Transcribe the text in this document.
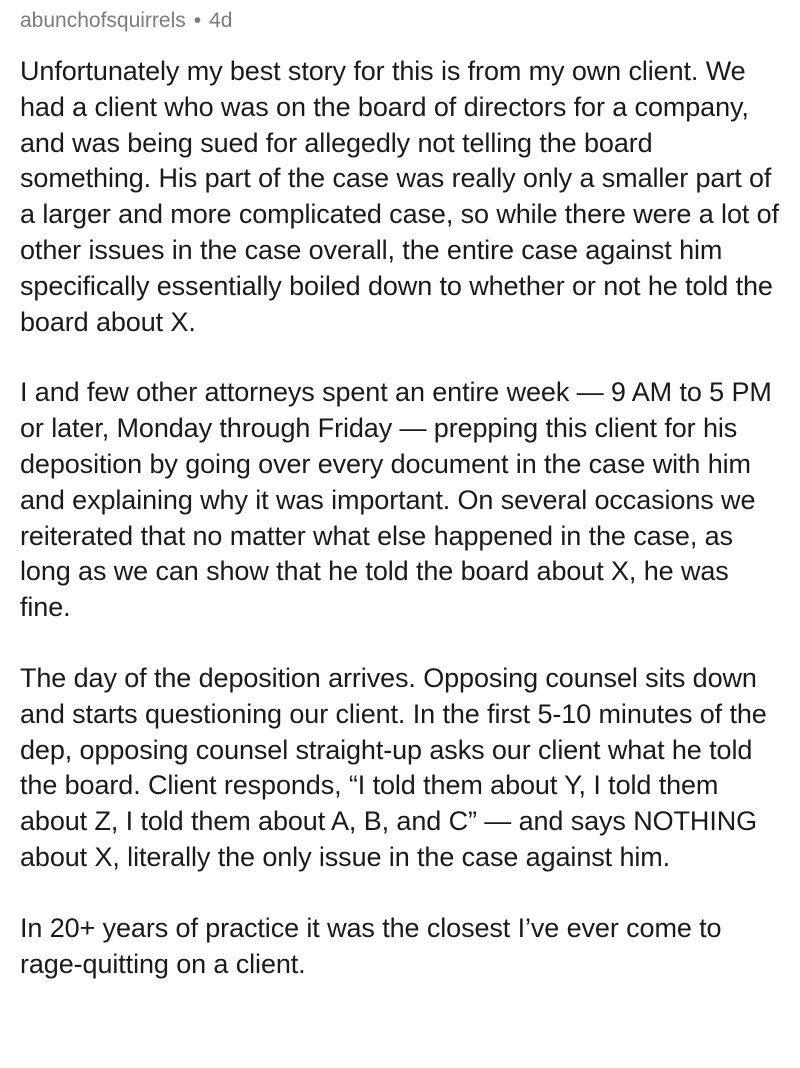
abunchofsquirrels • 4d

Unfortunately my best story for this is from my own client. We had a client who was on the board of directors for a company, and was being sued for allegedly not telling the board something. His part of the case was really only a smaller part of a larger and more complicated case, so while there were a lot of other issues in the case overall, the entire case against him specifically essentially boiled down to whether or not he told the board about X.

I and few other attorneys spent an entire week — 9 AM to 5 PM or later, Monday through Friday — prepping this client for his deposition by going over every document in the case with him and explaining why it was important. On several occasions we reiterated that no matter what else happened in the case, as long as we can show that he told the board about X, he was fine.

The day of the deposition arrives. Opposing counsel sits down and starts questioning our client. In the first 5-10 minutes of the dep, opposing counsel straight-up asks our client what he told the board. Client responds, “I told them about Y, I told them about Z, I told them about A, B, and C” — and says NOTHING about X, literally the only issue in the case against him.

In 20+ years of practice it was the closest I’ve ever come to rage-quitting on a client.
